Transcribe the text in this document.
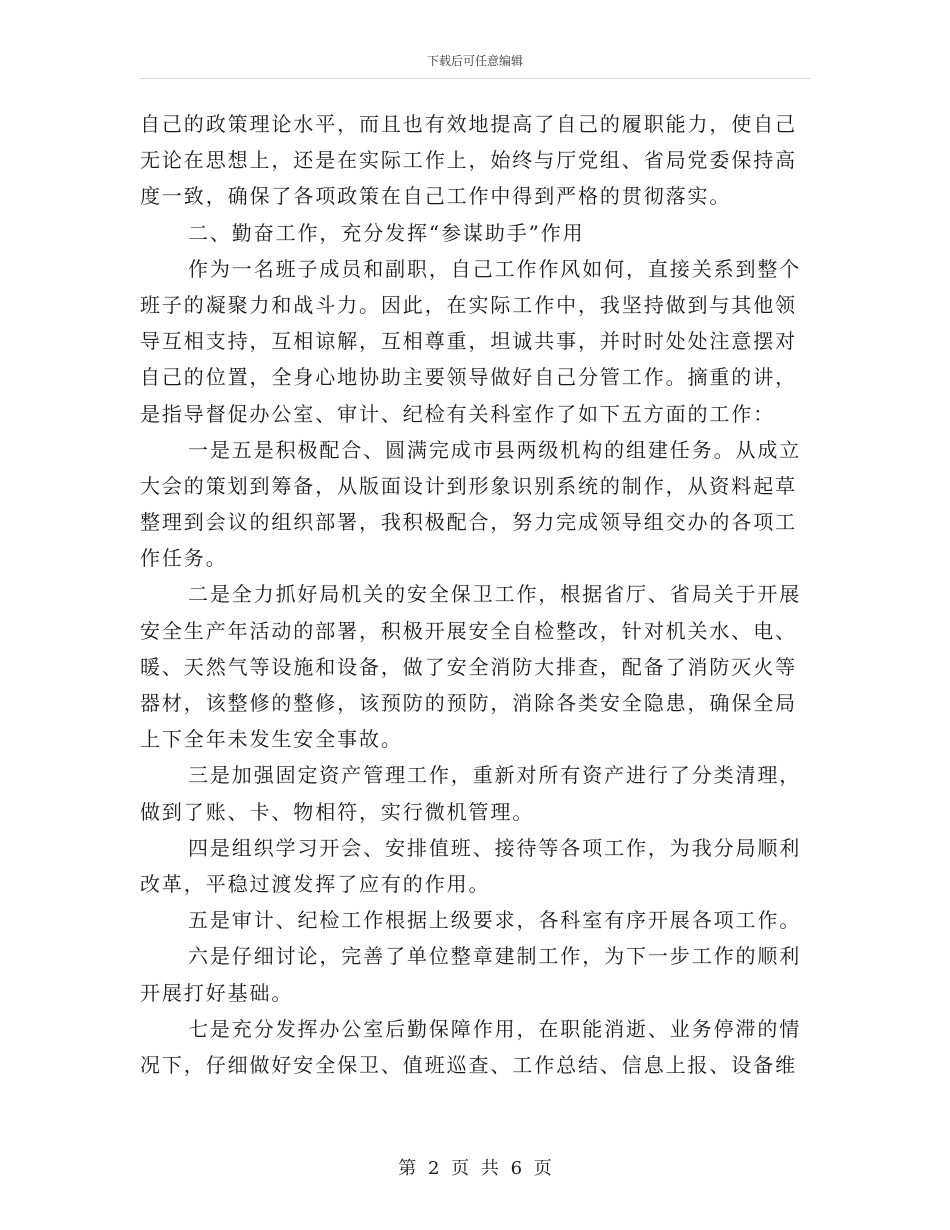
下载后可任意编辑
自己的政策理论水平，而且也有效地提高了自己的履职能力，使自己
无论在思想上，还是在实际工作上，始终与厅党组、省局党委保持高
度一致，确保了各项政策在自己工作中得到严格的贯彻落实。
二、勤奋工作，充分发挥“参谋助手”作用
作为一名班子成员和副职，自己工作作风如何，直接关系到整个
班子的凝聚力和战斗力。因此，在实际工作中，我坚持做到与其他领
导互相支持，互相谅解，互相尊重，坦诚共事，并时时处处注意摆对
自己的位置，全身心地协助主要领导做好自己分管工作。摘重的讲，
是指导督促办公室、审计、纪检有关科室作了如下五方面的工作：
一是五是积极配合、圆满完成市县两级机构的组建任务。从成立
大会的策划到筹备，从版面设计到形象识别系统的制作，从资料起草
整理到会议的组织部署，我积极配合，努力完成领导组交办的各项工
作任务。
二是全力抓好局机关的安全保卫工作，根据省厅、省局关于开展
安全生产年活动的部署，积极开展安全自检整改，针对机关水、电、
暖、天然气等设施和设备，做了安全消防大排查，配备了消防灭火等
器材，该整修的整修，该预防的预防，消除各类安全隐患，确保全局
上下全年未发生安全事故。
三是加强固定资产管理工作，重新对所有资产进行了分类清理，
做到了账、卡、物相符，实行微机管理。
四是组织学习开会、安排值班、接待等各项工作，为我分局顺利
改革，平稳过渡发挥了应有的作用。
五是审计、纪检工作根据上级要求，各科室有序开展各项工作。
六是仔细讨论，完善了单位整章建制工作，为下一步工作的顺利
开展打好基础。
七是充分发挥办公室后勤保障作用，在职能消逝、业务停滞的情
况下，仔细做好安全保卫、值班巡查、工作总结、信息上报、设备维
第 2 页 共 6 页
